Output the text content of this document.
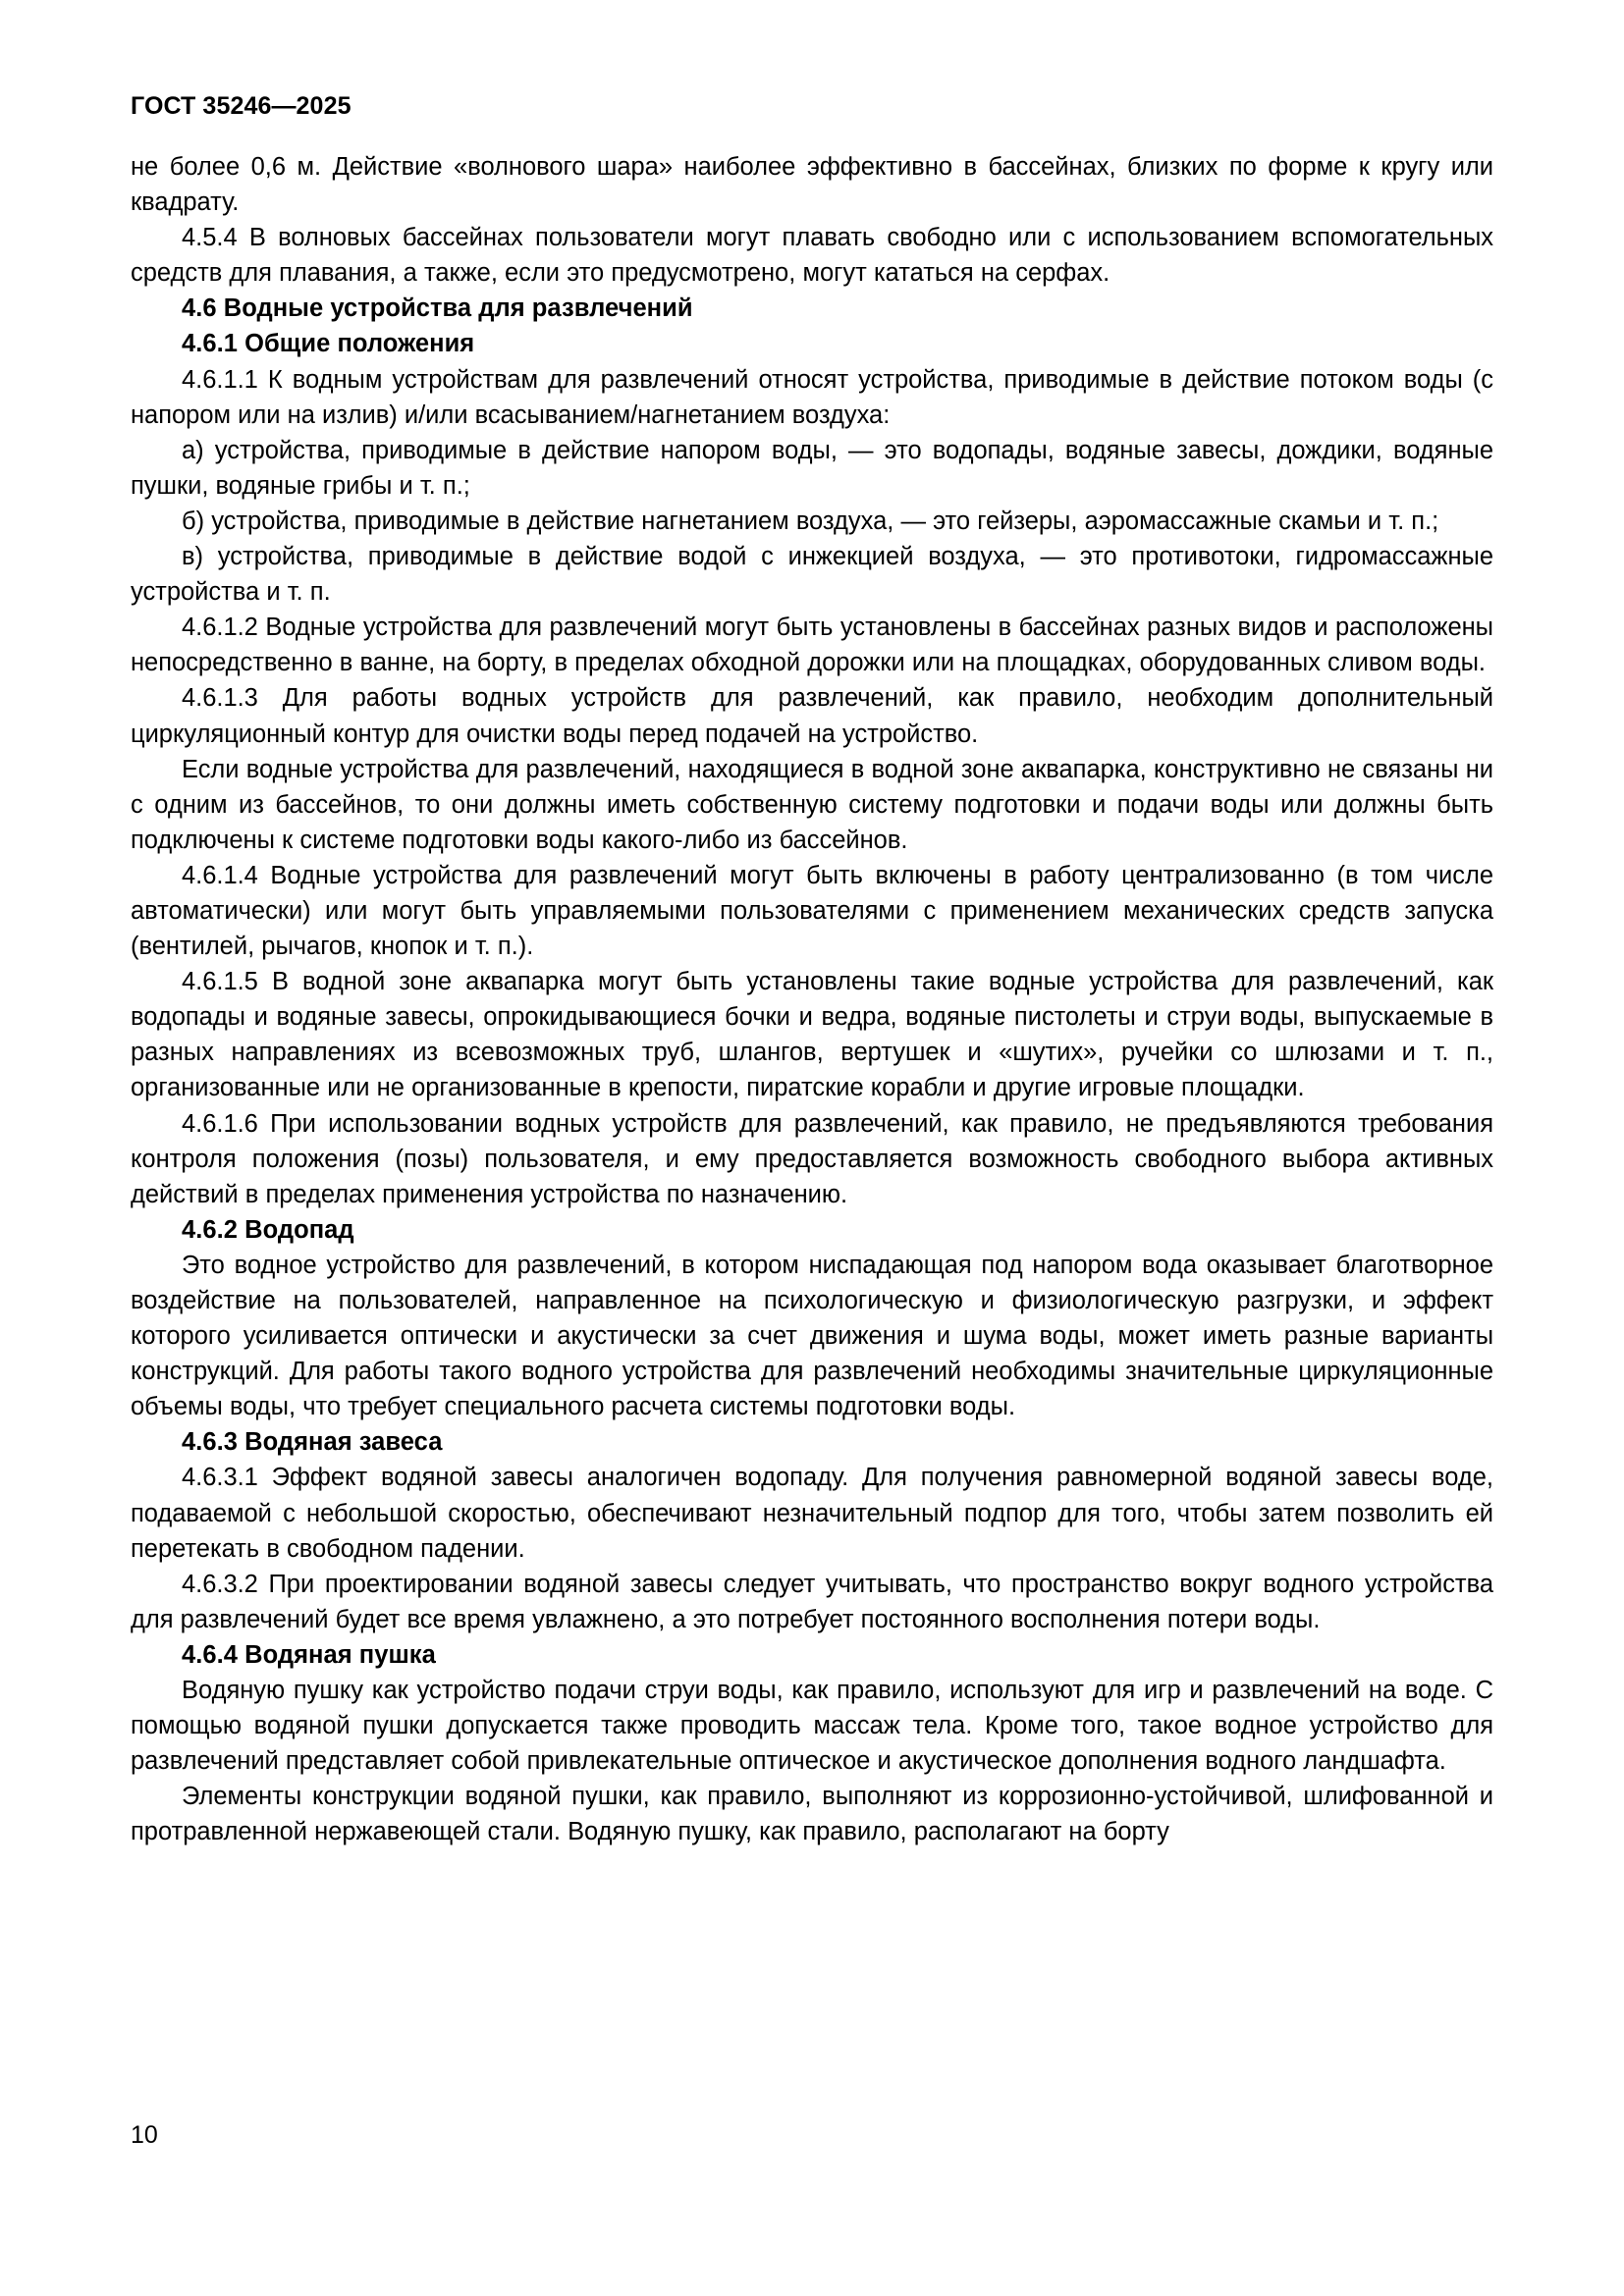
ГОСТ 35246—2025

не более 0,6 м. Действие «волнового шара» наиболее эффективно в бассейнах, близких по форме к кругу или квадрату.

4.5.4 В волновых бассейнах пользователи могут плавать свободно или с использованием вспомогательных средств для плавания, а также, если это предусмотрено, могут кататься на серфах.

4.6 Водные устройства для развлечений
4.6.1 Общие положения

4.6.1.1 К водным устройствам для развлечений относят устройства, приводимые в действие потоком воды (с напором или на излив) и/или всасыванием/нагнетанием воздуха:

а) устройства, приводимые в действие напором воды, — это водопады, водяные завесы, дождики, водяные пушки, водяные грибы и т. п.;

б) устройства, приводимые в действие нагнетанием воздуха, — это гейзеры, аэромассажные скамьи и т. п.;

в) устройства, приводимые в действие водой с инжекцией воздуха, — это противотоки, гидромассажные устройства и т. п.

4.6.1.2 Водные устройства для развлечений могут быть установлены в бассейнах разных видов и расположены непосредственно в ванне, на борту, в пределах обходной дорожки или на площадках, оборудованных сливом воды.

4.6.1.3 Для работы водных устройств для развлечений, как правило, необходим дополнительный циркуляционный контур для очистки воды перед подачей на устройство.

Если водные устройства для развлечений, находящиеся в водной зоне аквапарка, конструктивно не связаны ни с одним из бассейнов, то они должны иметь собственную систему подготовки и подачи воды или должны быть подключены к системе подготовки воды какого-либо из бассейнов.

4.6.1.4 Водные устройства для развлечений могут быть включены в работу централизованно (в том числе автоматически) или могут быть управляемыми пользователями с применением механических средств запуска (вентилей, рычагов, кнопок и т. п.).

4.6.1.5 В водной зоне аквапарка могут быть установлены такие водные устройства для развлечений, как водопады и водяные завесы, опрокидывающиеся бочки и ведра, водяные пистолеты и струи воды, выпускаемые в разных направлениях из всевозможных труб, шлангов, вертушек и «шутих», ручейки со шлюзами и т. п., организованные или не организованные в крепости, пиратские корабли и другие игровые площадки.

4.6.1.6 При использовании водных устройств для развлечений, как правило, не предъявляются требования контроля положения (позы) пользователя, и ему предоставляется возможность свободного выбора активных действий в пределах применения устройства по назначению.

4.6.2 Водопад

Это водное устройство для развлечений, в котором ниспадающая под напором вода оказывает благотворное воздействие на пользователей, направленное на психологическую и физиологическую разгрузки, и эффект которого усиливается оптически и акустически за счет движения и шума воды, может иметь разные варианты конструкций. Для работы такого водного устройства для развлечений необходимы значительные циркуляционные объемы воды, что требует специального расчета системы подготовки воды.

4.6.3 Водяная завеса

4.6.3.1 Эффект водяной завесы аналогичен водопаду. Для получения равномерной водяной завесы воде, подаваемой с небольшой скоростью, обеспечивают незначительный подпор для того, чтобы затем позволить ей перетекать в свободном падении.

4.6.3.2 При проектировании водяной завесы следует учитывать, что пространство вокруг водного устройства для развлечений будет все время увлажнено, а это потребует постоянного восполнения потери воды.

4.6.4 Водяная пушка

Водяную пушку как устройство подачи струи воды, как правило, используют для игр и развлечений на воде. С помощью водяной пушки допускается также проводить массаж тела. Кроме того, такое водное устройство для развлечений представляет собой привлекательные оптическое и акустическое дополнения водного ландшафта.

Элементы конструкции водяной пушки, как правило, выполняют из коррозионно-устойчивой, шлифованной и протравленной нержавеющей стали. Водяную пушку, как правило, располагают на борту

10
